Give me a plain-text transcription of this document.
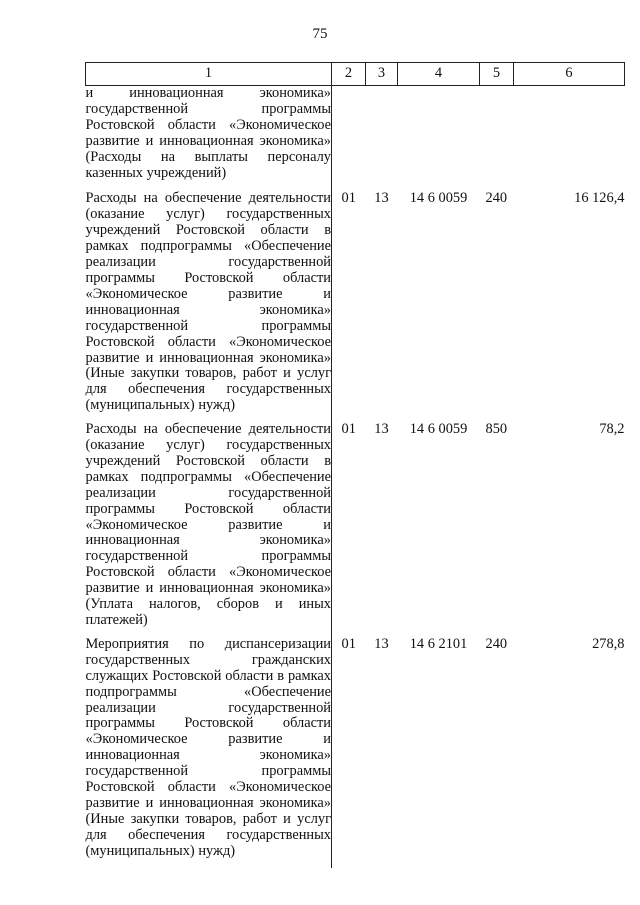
75
1	2	3	4	5	6
и инновационная экономика» государственной программы Ростовской области «Экономическое развитие и инновационная экономика» (Расходы на выплаты персоналу казенных учреждений)					
Расходы на обеспечение деятельности (оказание услуг) государственных учреждений Ростовской области в рамках подпрограммы «Обеспечение реализации государственной программы Ростовской области «Экономическое развитие и инновационная экономика» государственной программы Ростовской области «Экономическое развитие и инновационная экономика» (Иные закупки товаров, работ и услуг для обеспечения государственных (муниципальных) нужд)	01	13	14 6 0059	240	16 126,4
Расходы на обеспечение деятельности (оказание услуг) государственных учреждений Ростовской области в рамках подпрограммы «Обеспечение реализации государственной программы Ростовской области «Экономическое развитие и инновационная экономика» государственной программы Ростовской области «Экономическое развитие и инновационная экономика» (Уплата налогов, сборов и иных платежей)	01	13	14 6 0059	850	78,2
Мероприятия по диспансеризации государственных гражданских служащих Ростовской области в рамках подпрограммы «Обеспечение реализации государственной программы Ростовской области «Экономическое развитие и инновационная экономика» государственной программы Ростовской области «Экономическое развитие и инновационная экономика» (Иные закупки товаров, работ и услуг для обеспечения государственных (муниципальных) нужд)	01	13	14 6 2101	240	278,8
